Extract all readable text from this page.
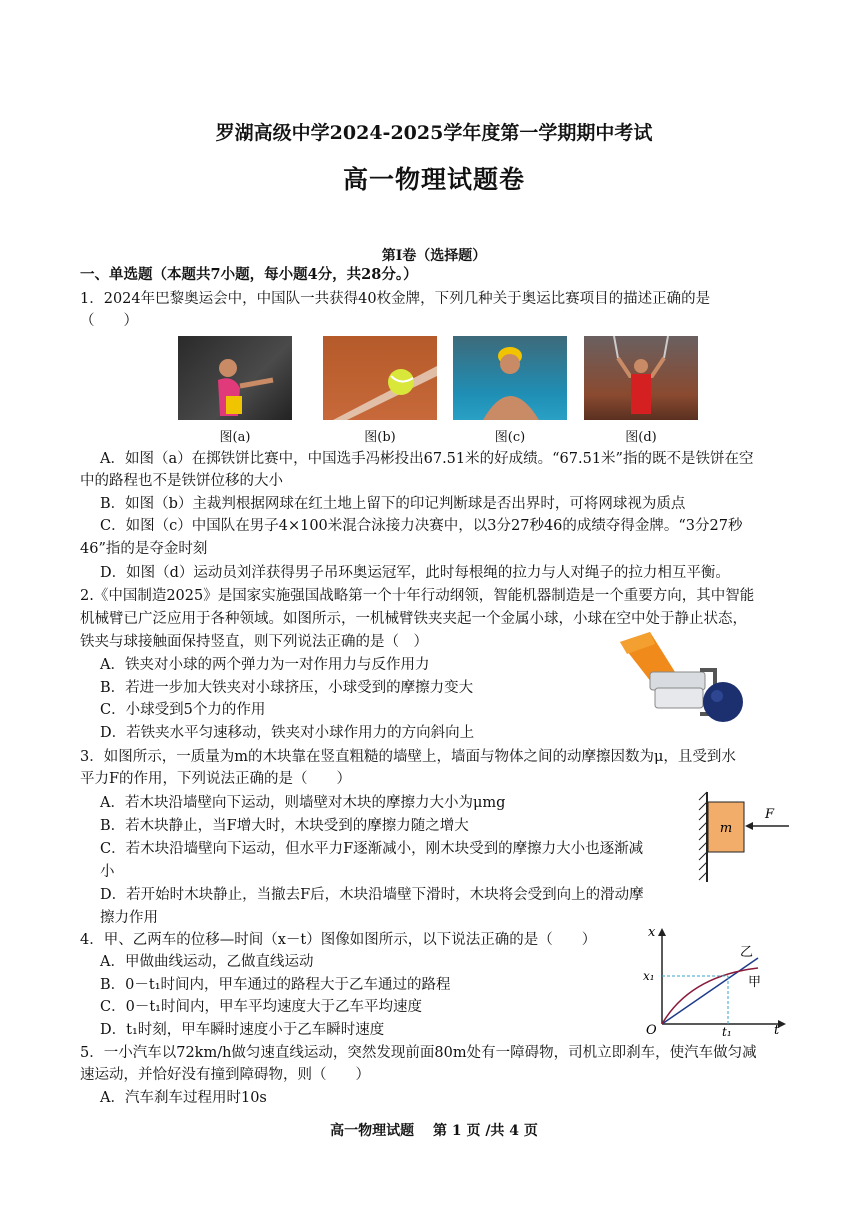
罗湖高级中学2024-2025学年度第一学期期中考试
高一物理试题卷
第Ⅰ卷（选择题）
一、单选题（本题共7小题，每小题4分，共28分。）
1．2024年巴黎奥运会中，中国队一共获得40枚金牌，下列几种关于奥运比赛项目的描述正确的是
（　　）
图(a)	图(b)	图(c)	图(d)
A．如图（a）在掷铁饼比赛中，中国选手冯彬投出67.51米的好成绩。“67.51米”指的既不是铁饼在空
中的路程也不是铁饼位移的大小
B．如图（b）主裁判根据网球在红土地上留下的印记判断球是否出界时，可将网球视为质点
C．如图（c）中国队在男子4×100米混合泳接力决赛中，以3分27秒46的成绩夺得金牌。“3分27秒
46”指的是夺金时刻
D．如图（d）运动员刘洋获得男子吊环奥运冠军，此时每根绳的拉力与人对绳子的拉力相互平衡。
2.《中国制造2025》是国家实施强国战略第一个十年行动纲领，智能机器制造是一个重要方向，其中智能
机械臂已广泛应用于各种领域。如图所示，一机械臂铁夹夹起一个金属小球，小球在空中处于静止状态，
铁夹与球接触面保持竖直，则下列说法正确的是（　）
A．铁夹对小球的两个弹力为一对作用力与反作用力
B．若进一步加大铁夹对小球挤压，小球受到的摩擦力变大
C．小球受到5个力的作用
D．若铁夹水平匀速移动，铁夹对小球作用力的方向斜向上
3．如图所示，一质量为m的木块靠在竖直粗糙的墙壁上，墙面与物体之间的动摩擦因数为μ，且受到水
平力F的作用，下列说法正确的是（　　）
A．若木块沿墙壁向下运动，则墙壁对木块的摩擦力大小为μmg
B．若木块静止，当F增大时，木块受到的摩擦力随之增大
C．若木块沿墙壁向下运动，但水平力F逐渐减小，刚木块受到的摩擦力大小也逐渐减
小
D．若开始时木块静止，当撤去F后，木块沿墙壁下滑时，木块将会受到向上的滑动摩
擦力作用
m
F
4．甲、乙两车的位移—时间（x－t）图像如图所示，以下说法正确的是（　　）
A．甲做曲线运动，乙做直线运动
B．0－t₁时间内，甲车通过的路程大于乙车通过的路程
C．0－t₁时间内，甲车平均速度大于乙车平均速度
D．t₁时刻，甲车瞬时速度小于乙车瞬时速度
x
t
O
x₁
t₁
乙
甲
5．一小汽车以72km/h做匀速直线运动，突然发现前面80m处有一障碍物，司机立即刹车，使汽车做匀减
速运动，并恰好没有撞到障碍物，则（　　）
A．汽车刹车过程用时10s
高一物理试题　 第 1 页 /共 4 页
